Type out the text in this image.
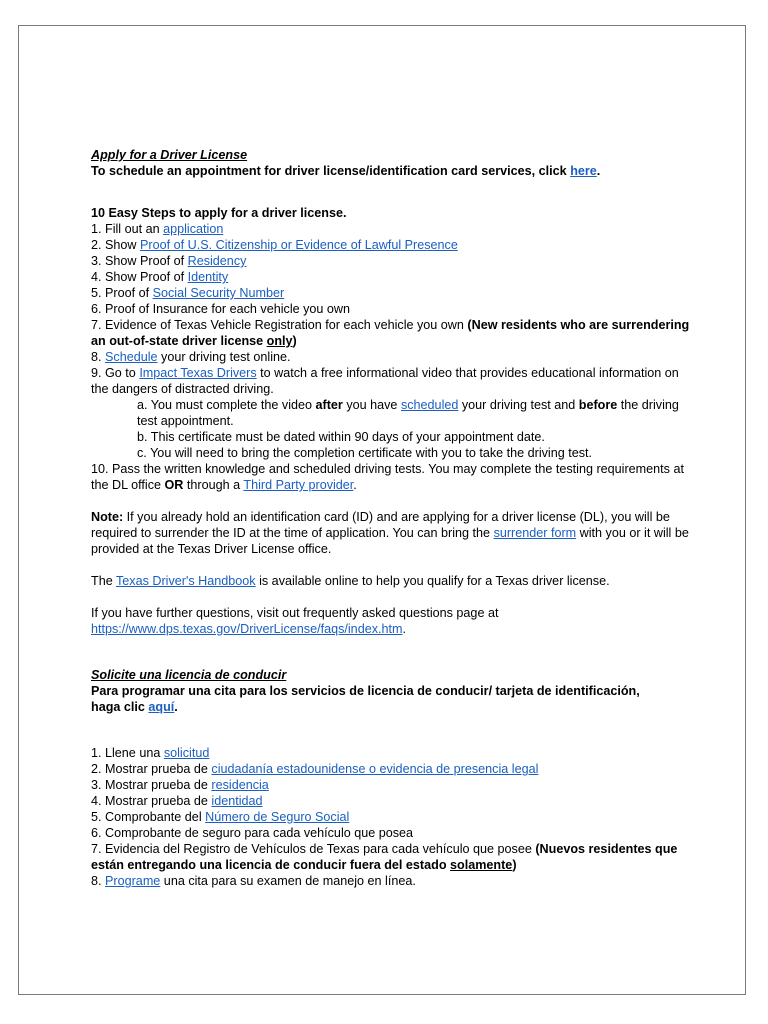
Apply for a Driver License

To schedule an appointment for driver license/identification card services, click here.

10 Easy Steps to apply for a driver license.

1. Fill out an application

2. Show Proof of U.S. Citizenship or Evidence of Lawful Presence

3. Show Proof of Residency

4. Show Proof of Identity

5. Proof of Social Security Number

6. Proof of Insurance for each vehicle you own

7. Evidence of Texas Vehicle Registration for each vehicle you own (New residents who are surrendering an out-of-state driver license only)

8. Schedule your driving test online.

9. Go to Impact Texas Drivers to watch a free informational video that provides educational information on the dangers of distracted driving.

a. You must complete the video after you have scheduled your driving test and before the driving test appointment.

b. This certificate must be dated within 90 days of your appointment date.

c. You will need to bring the completion certificate with you to take the driving test.

10. Pass the written knowledge and scheduled driving tests. You may complete the testing requirements at the DL office OR through a Third Party provider.

Note: If you already hold an identification card (ID) and are applying for a driver license (DL), you will be required to surrender the ID at the time of application. You can bring the surrender form with you or it will be provided at the Texas Driver License office.

The Texas Driver's Handbook is available online to help you qualify for a Texas driver license.

If you have further questions, visit out frequently asked questions page at https://www.dps.texas.gov/DriverLicense/faqs/index.htm.

Solicite una licencia de conducir

Para programar una cita para los servicios de licencia de conducir/ tarjeta de identificación, haga clic aquí.

1. Llene una solicitud

2. Mostrar prueba de ciudadanía estadounidense o evidencia de presencia legal

3. Mostrar prueba de residencia

4. Mostrar prueba de identidad

5. Comprobante del Número de Seguro Social

6. Comprobante de seguro para cada vehículo que posea

7. Evidencia del Registro de Vehículos de Texas para cada vehículo que posee (Nuevos residentes que están entregando una licencia de conducir fuera del estado solamente)

8. Programe una cita para su examen de manejo en línea.
